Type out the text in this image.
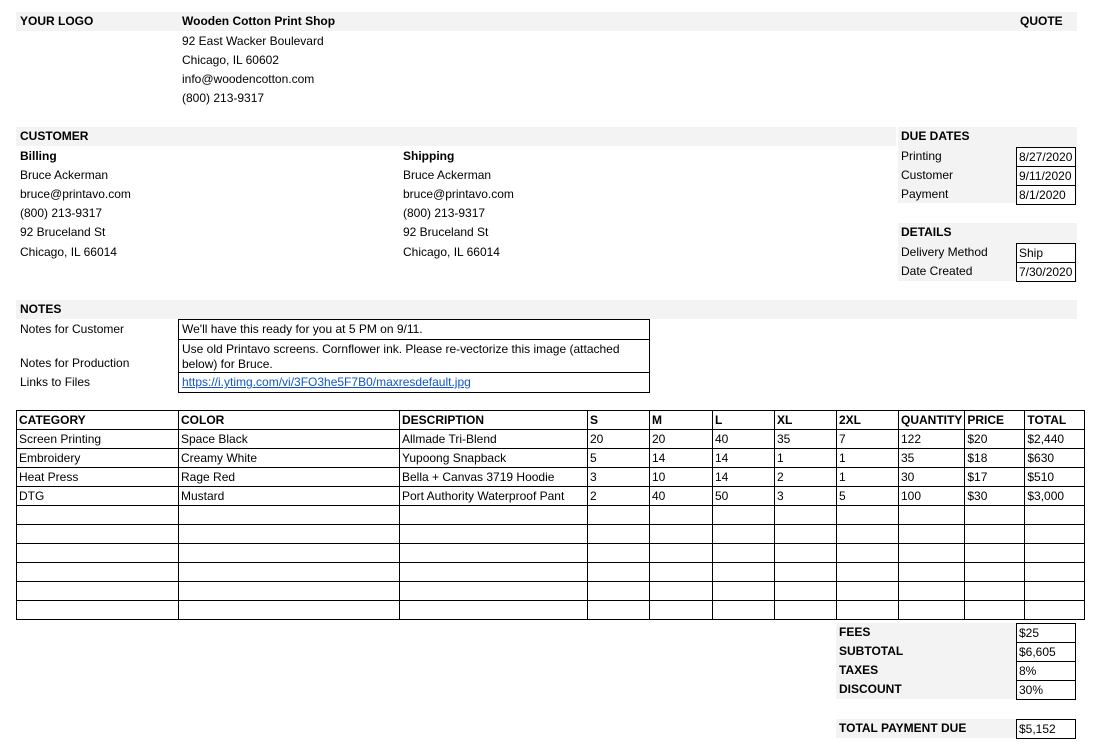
YOUR LOGO	Wooden Cotton Print Shop
92 East Wacker Boulevard
Chicago, IL 60602
info@woodencotton.com
(800) 213-9317
QUOTE
CUSTOMER
Billing
Bruce Ackerman
bruce@printavo.com
(800) 213-9317
92 Bruceland St
Chicago, IL 66014
Shipping
Bruce Ackerman
bruce@printavo.com
(800) 213-9317
92 Bruceland St
Chicago, IL 66014
DUE DATES
Printing	8/27/2020
Customer	9/11/2020
Payment	8/1/2020
DETAILS
Delivery Method	Ship
Date Created	7/30/2020
NOTES
Notes for Customer	We'll have this ready for you at 5 PM on 9/11.
Notes for Production
Use old Printavo screens. Cornflower ink. Please re-vectorize this image (attached
below) for Bruce.
Links to Files	https://i.ytimg.com/vi/3FO3he5F7B0/maxresdefault.jpg
CATEGORY	COLOR	DESCRIPTION	S	M	L	XL	2XL	QUANTITY	PRICE	TOTAL
Screen Printing	Space Black	Allmade Tri-Blend	20	20	40	35	7	122	$20	$2,440
Embroidery	Creamy White	Yupoong Snapback	5	14	14	1	1	35	$18	$630
Heat Press	Rage Red	Bella + Canvas 3719 Hoodie	3	10	14	2	1	30	$17	$510
DTG	Mustard	Port Authority Waterproof Pant	2	40	50	3	5	100	$30	$3,000

FEES	$25
SUBTOTAL	$6,605
TAXES	8%
DISCOUNT	30%
TOTAL PAYMENT DUE	$5,152
